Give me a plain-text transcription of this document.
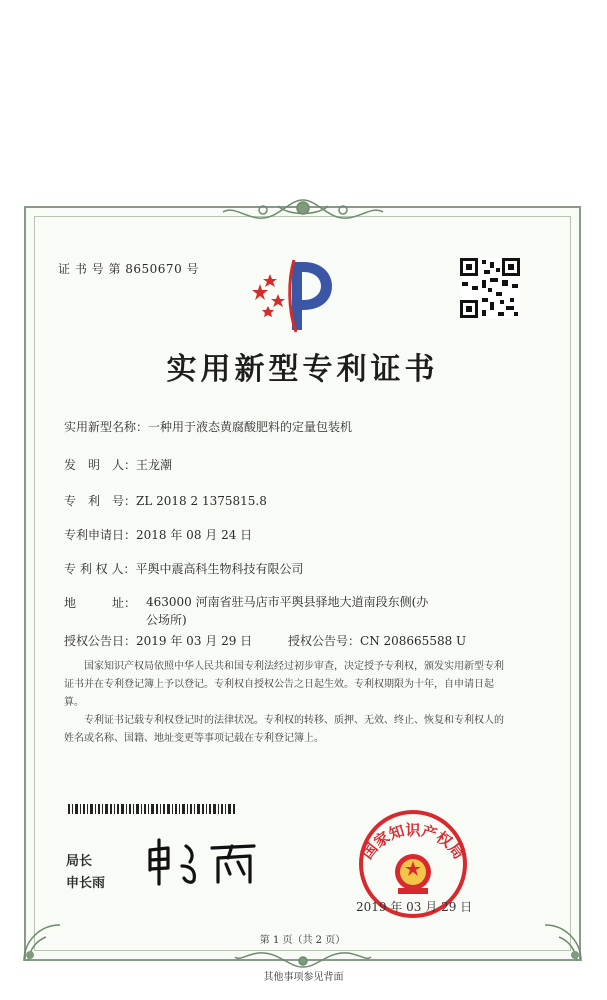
证 书 号 第 8650670 号
实用新型专利证书
实用新型名称：一种用于液态黄腐酸肥料的定量包装机
发　明　人：王龙潮
专　利　号：ZL 2018 2 1375815.8
专利申请日：2018 年 08 月 24 日
专 利 权 人：平舆中震高科生物科技有限公司
地　　　址： 463000 河南省驻马店市平舆县驿地大道南段东侧(办公场所)
授权公告日：2019 年 03 月 29 日	授权公告号：CN 208665588 U
国家知识产权局依照中华人民共和国专利法经过初步审查，决定授予专利权，颁发实用新型专利证书并在专利登记簿上予以登记。专利权自授权公告之日起生效。专利权期限为十年，自申请日起算。
专利证书记载专利权登记时的法律状况。专利权的转移、质押、无效、终止、恢复和专利权人的姓名或名称、国籍、地址变更等事项记载在专利登记簿上。
局长
申长雨
国家知识产权局
2019 年 03 月 29 日
第 1 页（共 2 页）
其他事项参见背面
